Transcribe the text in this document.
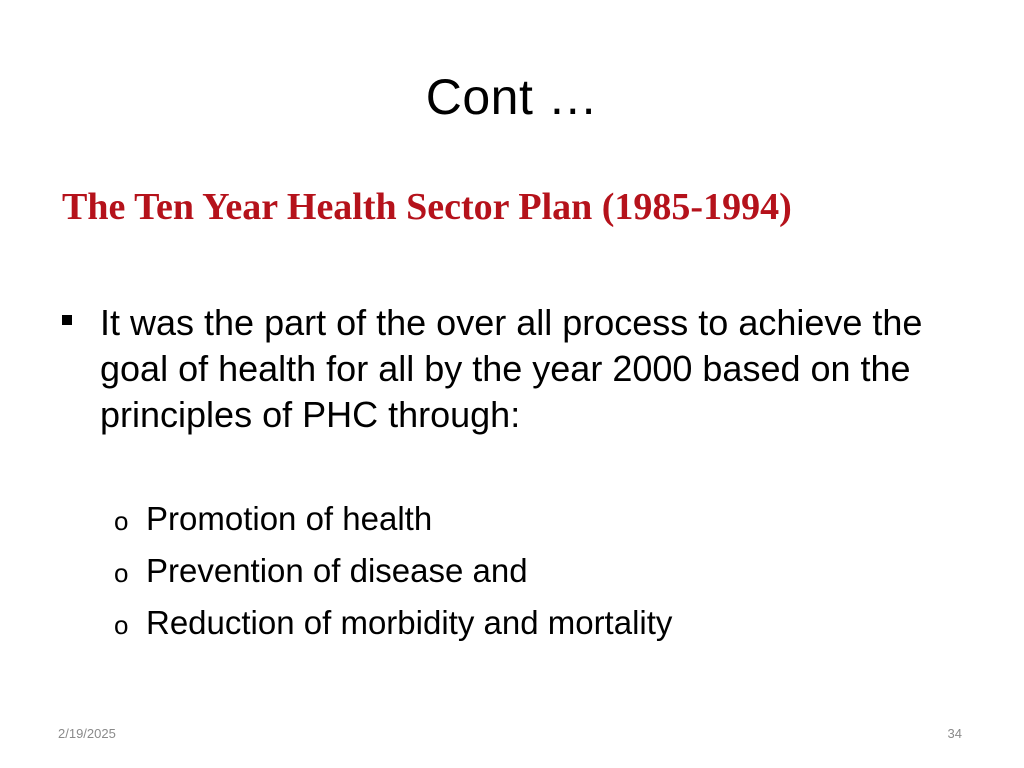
Cont …
The Ten Year Health Sector Plan (1985-1994)
It was the part of the over all process to achieve the goal of health for all by the year 2000 based on the principles of PHC through:
o Promotion of health
o Prevention of disease and
o Reduction of morbidity and mortality
2/19/2025	34
